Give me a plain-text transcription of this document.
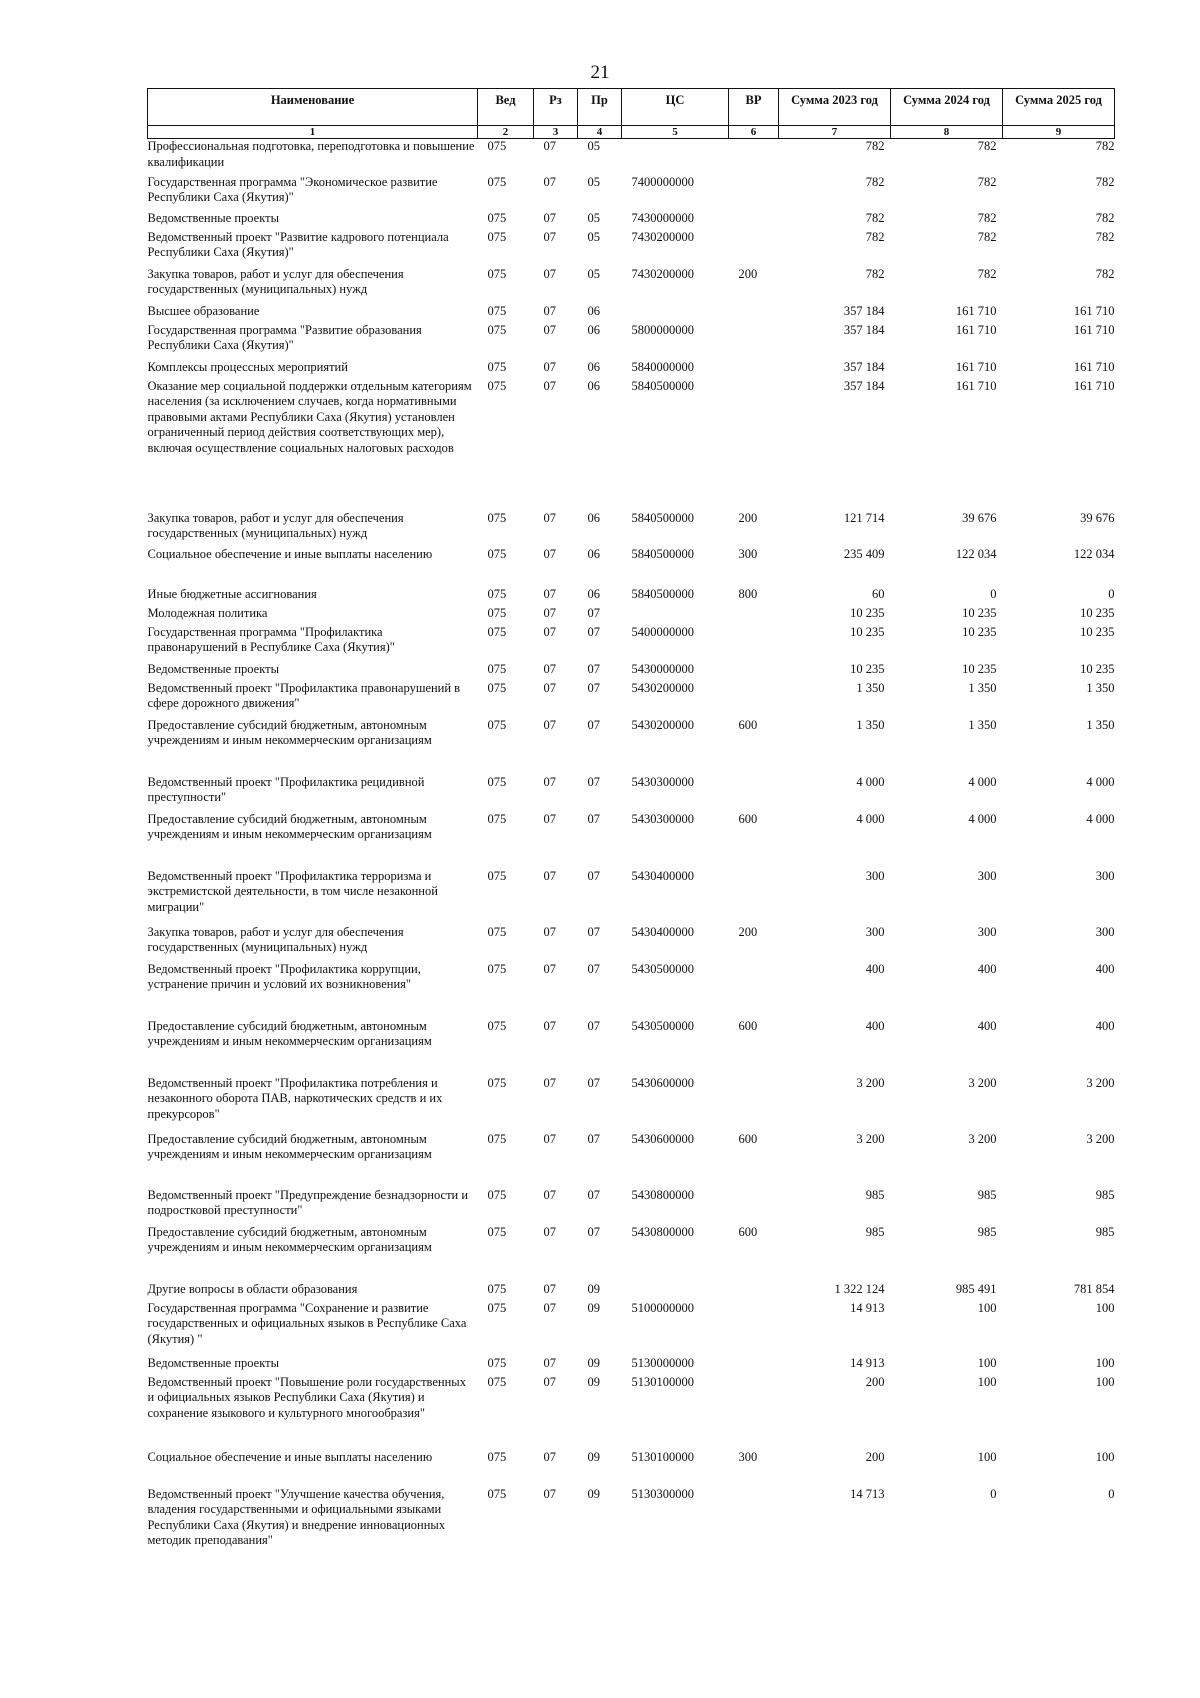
21
Наименование	Вед	Рз	Пр	ЦС	ВР	Сумма 2023 год	Сумма 2024 год	Сумма 2025 год
1	2	3	4	5	6	7	8	9
Профессиональная подготовка, переподготовка и повышение квалификации	075	07	05			782	782	782
Государственная программа "Экономическое развитие Республики Саха (Якутия)"	075	07	05	7400000000		782	782	782
Ведомственные проекты	075	07	05	7430000000		782	782	782
Ведомственный проект "Развитие кадрового потенциала Республики Саха (Якутия)"	075	07	05	7430200000		782	782	782
Закупка товаров, работ и услуг для обеспечения государственных (муниципальных) нужд	075	07	05	7430200000	200	782	782	782
Высшее образование	075	07	06			357 184	161 710	161 710
Государственная программа "Развитие образования Республики Саха (Якутия)"	075	07	06	5800000000		357 184	161 710	161 710
Комплексы процессных мероприятий	075	07	06	5840000000		357 184	161 710	161 710
Оказание мер социальной поддержки отдельным категориям населения (за исключением случаев, когда нормативными правовыми актами Республики Саха (Якутия) установлен ограниченный период действия соответствующих мер), включая осуществление социальных налоговых расходов	075	07	06	5840500000		357 184	161 710	161 710
Закупка товаров, работ и услуг для обеспечения государственных (муниципальных) нужд	075	07	06	5840500000	200	121 714	39 676	39 676
Социальное обеспечение и иные выплаты населению	075	07	06	5840500000	300	235 409	122 034	122 034
Иные бюджетные ассигнования	075	07	06	5840500000	800	60	0	0
Молодежная политика	075	07	07			10 235	10 235	10 235
Государственная программа "Профилактика правонарушений в Республике Саха (Якутия)"	075	07	07	5400000000		10 235	10 235	10 235
Ведомственные проекты	075	07	07	5430000000		10 235	10 235	10 235
Ведомственный проект "Профилактика правонарушений в сфере дорожного движения"	075	07	07	5430200000		1 350	1 350	1 350
Предоставление субсидий бюджетным, автономным учреждениям и иным некоммерческим организациям	075	07	07	5430200000	600	1 350	1 350	1 350
Ведомственный проект "Профилактика рецидивной преступности"	075	07	07	5430300000		4 000	4 000	4 000
Предоставление субсидий бюджетным, автономным учреждениям и иным некоммерческим организациям	075	07	07	5430300000	600	4 000	4 000	4 000
Ведомственный проект "Профилактика терроризма и экстремистской деятельности, в том числе незаконной миграции"	075	07	07	5430400000		300	300	300
Закупка товаров, работ и услуг для обеспечения государственных (муниципальных) нужд	075	07	07	5430400000	200	300	300	300
Ведомственный проект "Профилактика коррупции, устранение причин и условий их возникновения"	075	07	07	5430500000		400	400	400
Предоставление субсидий бюджетным, автономным учреждениям и иным некоммерческим организациям	075	07	07	5430500000	600	400	400	400
Ведомственный проект "Профилактика потребления и незаконного оборота ПАВ, наркотических средств и их прекурсоров"	075	07	07	5430600000		3 200	3 200	3 200
Предоставление субсидий бюджетным, автономным учреждениям и иным некоммерческим организациям	075	07	07	5430600000	600	3 200	3 200	3 200
Ведомственный проект "Предупреждение безнадзорности и подростковой преступности"	075	07	07	5430800000		985	985	985
Предоставление субсидий бюджетным, автономным учреждениям и иным некоммерческим организациям	075	07	07	5430800000	600	985	985	985
Другие вопросы в области образования	075	07	09			1 322 124	985 491	781 854
Государственная программа "Сохранение и развитие государственных и официальных языков в Республике Саха (Якутия) "	075	07	09	5100000000		14 913	100	100
Ведомственные проекты	075	07	09	5130000000		14 913	100	100
Ведомственный проект "Повышение роли государственных и официальных языков Республики Саха (Якутия) и сохранение языкового и культурного многообразия"	075	07	09	5130100000		200	100	100
Социальное обеспечение и иные выплаты населению	075	07	09	5130100000	300	200	100	100
Ведомственный проект "Улучшение качества обучения, владения государственными и официальными языками Республики Саха (Якутия) и внедрение инновационных методик преподавания"	075	07	09	5130300000		14 713	0	0
